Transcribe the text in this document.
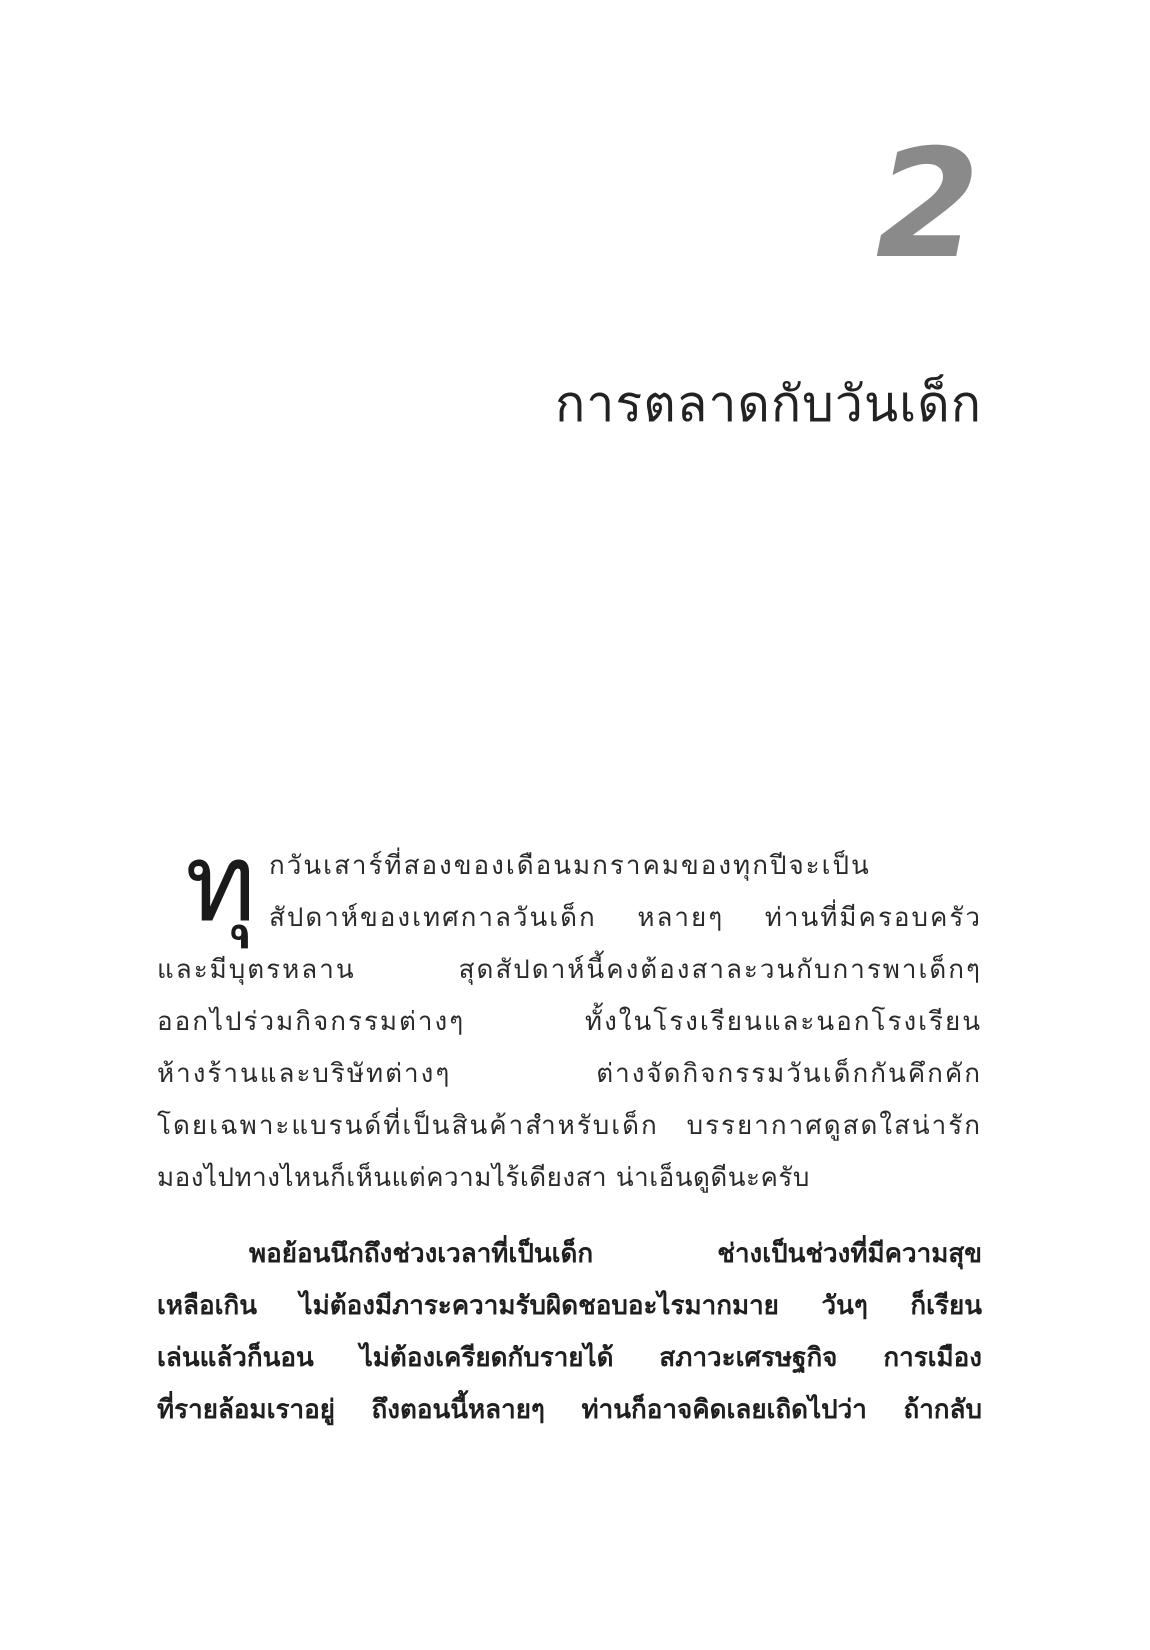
2
การตลาดกับวันเด็ก
ทุ กวันเสาร์ที่สองของเดือนมกราคมของทุกปีจะเป็น
สัปดาห์ของเทศกาลวันเด็ก หลายๆ ท่านที่มีครอบครัว
และมีบุตรหลาน สุดสัปดาห์นี้คงต้องสาละวนกับการพาเด็กๆ
ออกไปร่วมกิจกรรมต่างๆ ทั้งในโรงเรียนและนอกโรงเรียน
ห้างร้านและบริษัทต่างๆ ต่างจัดกิจกรรมวันเด็กกันคึกคัก
โดยเฉพาะแบรนด์ที่เป็นสินค้าสำหรับเด็ก บรรยากาศดูสดใสน่ารัก
มองไปทางไหนก็เห็นแต่ความไร้เดียงสา น่าเอ็นดูดีนะครับ
พอย้อนนึกถึงช่วงเวลาที่เป็นเด็ก ช่างเป็นช่วงที่มีความสุข
เหลือเกิน ไม่ต้องมีภาระความรับผิดชอบอะไรมากมาย วันๆ ก็เรียน
เล่นแล้วก็นอน ไม่ต้องเครียดกับรายได้ สภาวะเศรษฐกิจ การเมือง
ที่รายล้อมเราอยู่ ถึงตอนนี้หลายๆ ท่านก็อาจคิดเลยเถิดไปว่า ถ้ากลับ
